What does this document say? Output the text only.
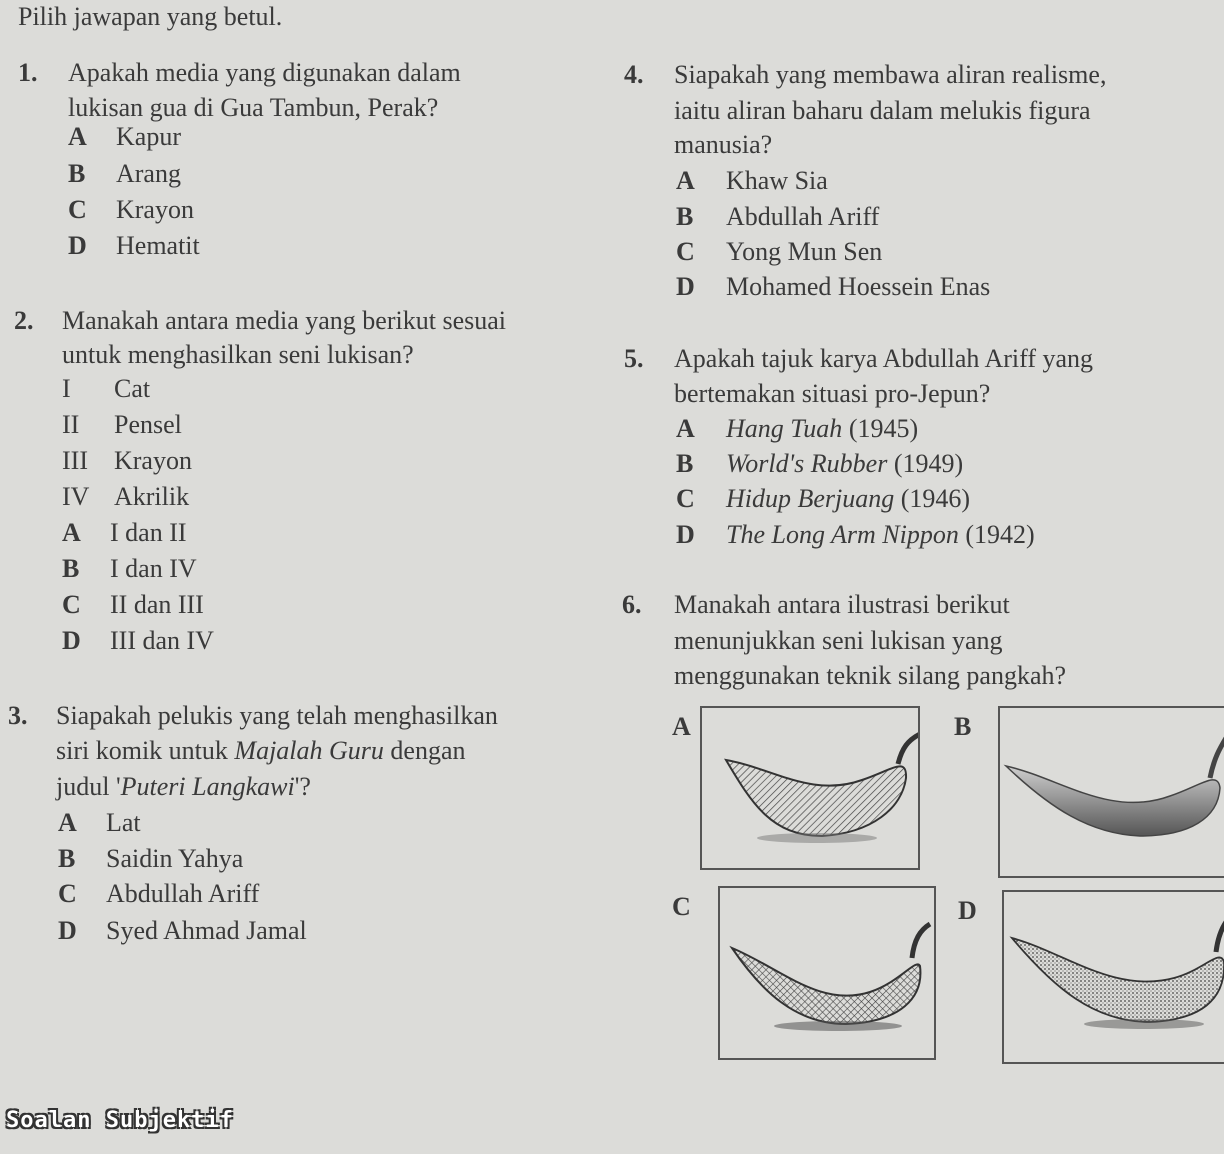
Pilih jawapan yang betul.
1. Apakah media yang digunakan dalam
lukisan gua di Gua Tambun, Perak?
A Kapur
B Arang
C Krayon
D Hematit
2. Manakah antara media yang berikut sesuai
untuk menghasilkan seni lukisan?
I Cat
II Pensel
III Krayon
IV Akrilik
A I dan II
B I dan IV
C II dan III
D III dan IV
3. Siapakah pelukis yang telah menghasilkan
siri komik untuk Majalah Guru dengan
judul 'Puteri Langkawi'?
A Lat
B Saidin Yahya
C Abdullah Ariff
D Syed Ahmad Jamal
4. Siapakah yang membawa aliran realisme,
iaitu aliran baharu dalam melukis figura
manusia?
A Khaw Sia
B Abdullah Ariff
C Yong Mun Sen
D Mohamed Hoessein Enas
5. Apakah tajuk karya Abdullah Ariff yang
bertemakan situasi pro-Jepun?
A Hang Tuah (1945)
B World's Rubber (1949)
C Hidup Berjuang (1946)
D The Long Arm Nippon (1942)
6. Manakah antara ilustrasi berikut
menunjukkan seni lukisan yang
menggunakan teknik silang pangkah?
A	B
C	D
Soalan Subjektif
